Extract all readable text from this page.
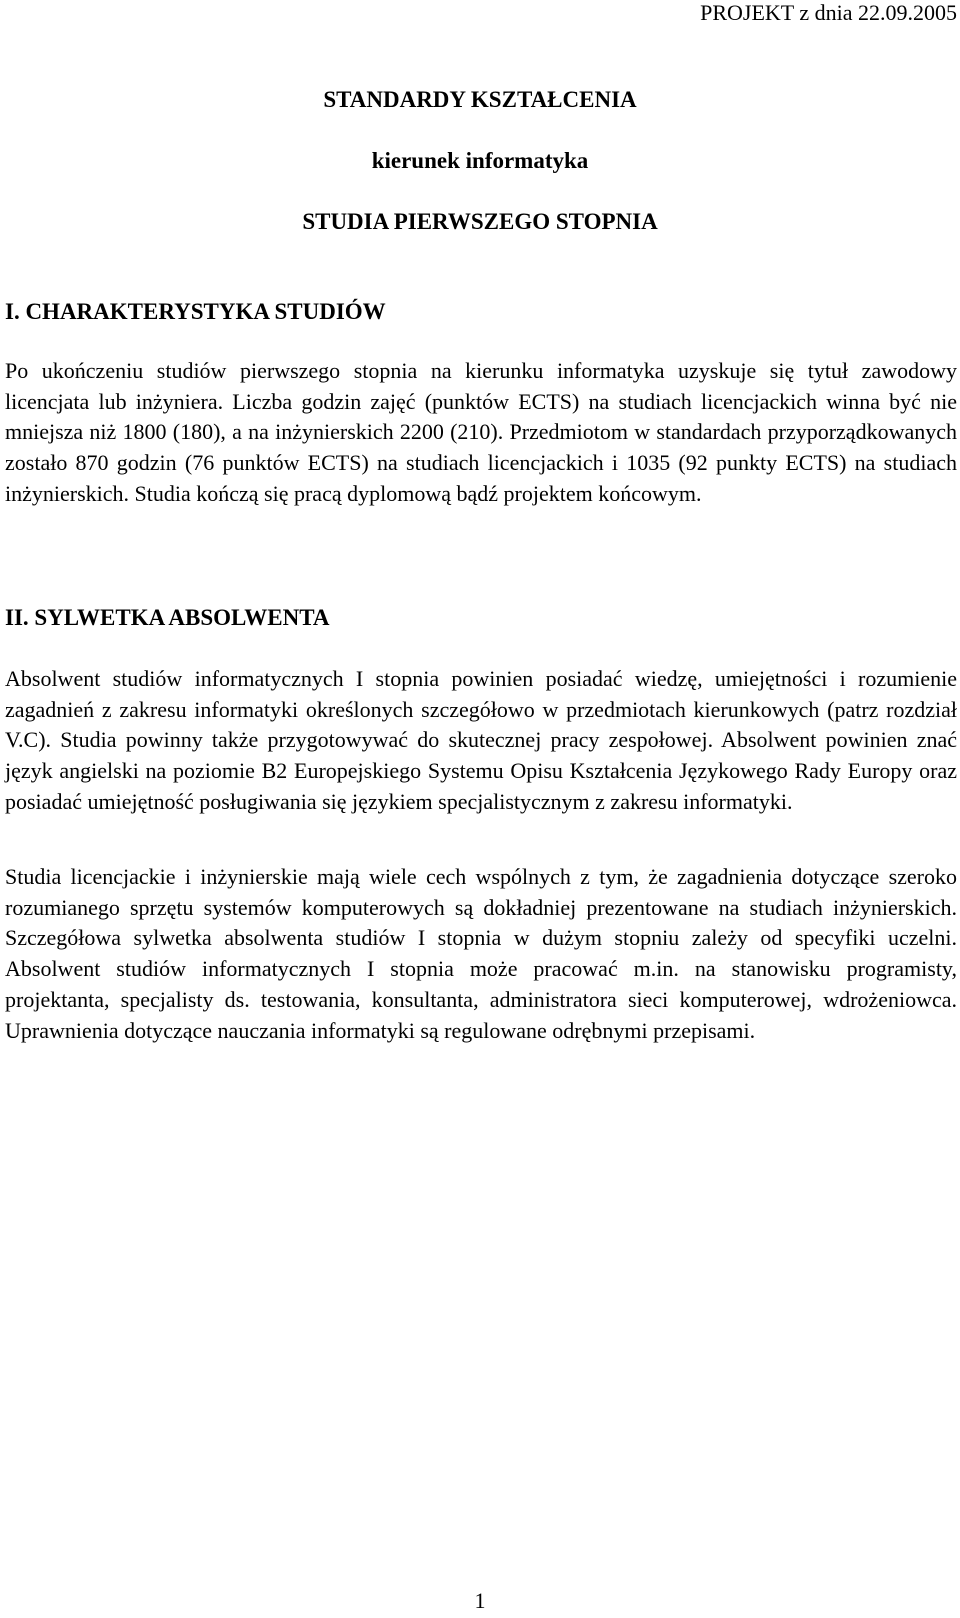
PROJEKT z dnia 22.09.2005
STANDARDY KSZTAŁCENIA
kierunek informatyka
STUDIA PIERWSZEGO STOPNIA
I. CHARAKTERYSTYKA STUDIÓW
Po ukończeniu studiów pierwszego stopnia na kierunku informatyka uzyskuje się tytuł zawodowy licencjata lub inżyniera. Liczba godzin zajęć (punktów ECTS) na studiach licencjackich winna być nie mniejsza niż 1800 (180), a na inżynierskich 2200 (210). Przedmiotom w standardach przyporządkowanych zostało 870 godzin (76 punktów ECTS) na studiach licencjackich i 1035 (92 punkty ECTS) na studiach inżynierskich. Studia kończą się pracą dyplomową bądź projektem końcowym.
II. SYLWETKA ABSOLWENTA
Absolwent studiów informatycznych I stopnia powinien posiadać wiedzę, umiejętności i rozumienie zagadnień z zakresu informatyki określonych szczegółowo w przedmiotach kierunkowych (patrz rozdział V.C). Studia powinny także przygotowywać do skutecznej pracy zespołowej. Absolwent powinien znać język angielski na poziomie B2 Europejskiego Systemu Opisu Kształcenia Językowego Rady Europy oraz posiadać umiejętność posługiwania się językiem specjalistycznym z zakresu informatyki.
Studia licencjackie i inżynierskie mają wiele cech wspólnych z tym, że zagadnienia dotyczące szeroko rozumianego sprzętu systemów komputerowych są dokładniej prezentowane na studiach inżynierskich. Szczegółowa sylwetka absolwenta studiów I stopnia w dużym stopniu zależy od specyfiki uczelni. Absolwent studiów informatycznych I stopnia może pracować m.in. na stanowisku programisty, projektanta, specjalisty ds. testowania, konsultanta, administratora sieci komputerowej, wdrożeniowca. Uprawnienia dotyczące nauczania informatyki są regulowane odrębnymi przepisami.
1
